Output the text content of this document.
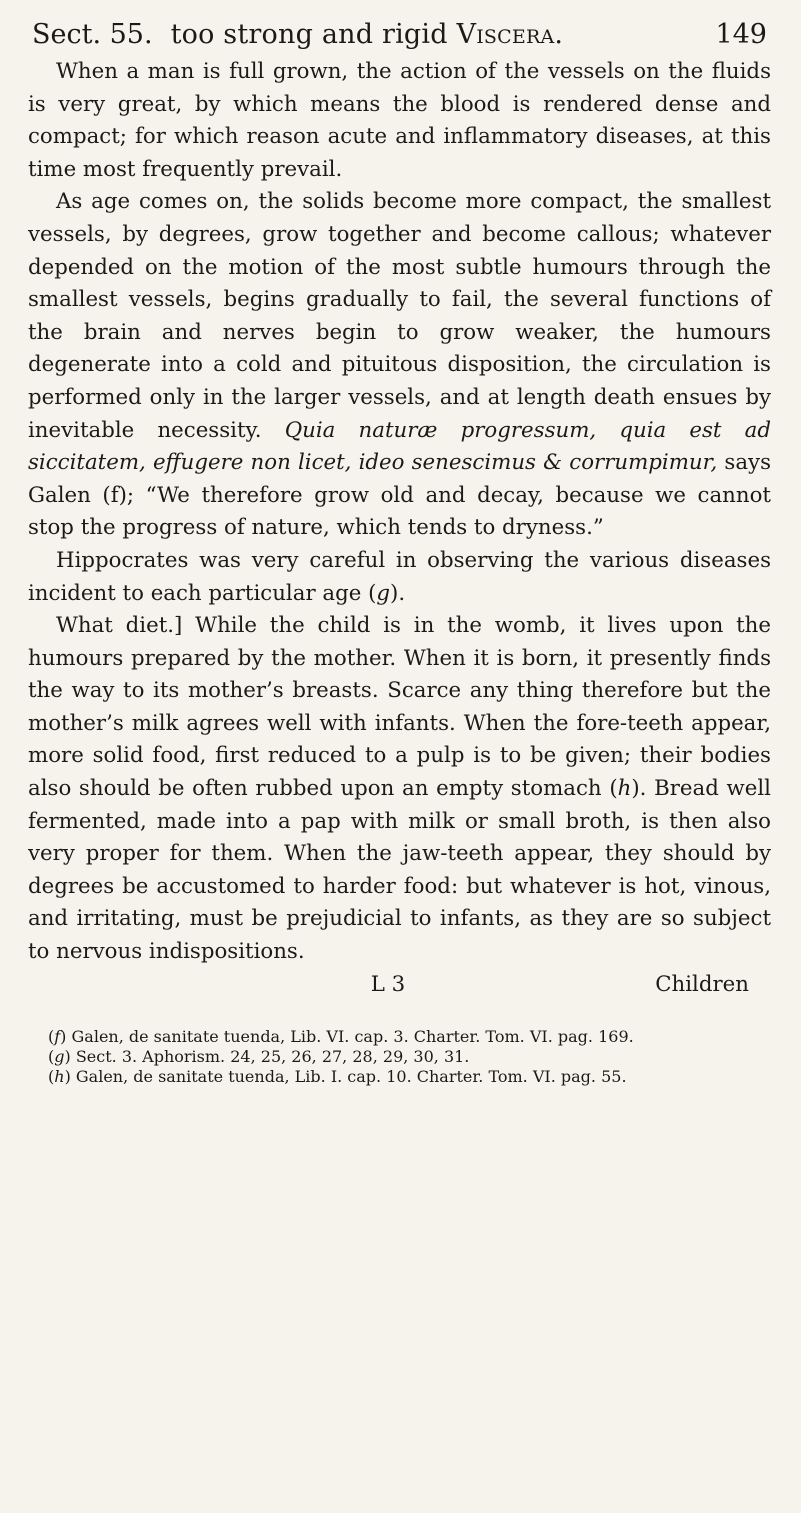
Sect. 55. too strong and rigid Viscera.	149

When a man is full grown, the action of the vessels on the fluids is very great, by which means the blood is rendered dense and compact; for which reason acute and inflammatory diseases, at this time most frequently prevail.

As age comes on, the solids become more compact, the smallest vessels, by degrees, grow together and become callous; whatever depended on the motion of the most subtle humours through the smallest vessels, begins gradually to fail, the several functions of the brain and nerves begin to grow weaker, the humours degenerate into a cold and pituitous disposition, the circulation is performed only in the larger vessels, and at length death ensues by inevitable necessity. Quia naturæ progressum, quia est ad siccitatem, effugere non licet, ideo senescimus & corrumpimur, says Galen (f); “We therefore grow old and decay, because we cannot stop the progress of nature, which tends to dryness.”

Hippocrates was very careful in observing the various diseases incident to each particular age (g).

What diet.] While the child is in the womb, it lives upon the humours prepared by the mother. When it is born, it presently finds the way to its mother’s breasts. Scarce any thing therefore but the mother’s milk agrees well with infants. When the fore-teeth appear, more solid food, first reduced to a pulp is to be given; their bodies also should be often rubbed upon an empty stomach (h). Bread well fermented, made into a pap with milk or small broth, is then also very proper for them. When the jaw-teeth appear, they should by degrees be accustomed to harder food: but whatever is hot, vinous, and irritating, must be prejudicial to infants, as they are so subject to nervous indispositions.

L 3	Children

(f) Galen, de sanitate tuenda, Lib. VI. cap. 3. Charter. Tom. VI. pag. 169.

(g) Sect. 3. Aphorism. 24, 25, 26, 27, 28, 29, 30, 31.

(h) Galen, de sanitate tuenda, Lib. I. cap. 10. Charter. Tom. VI. pag. 55.
